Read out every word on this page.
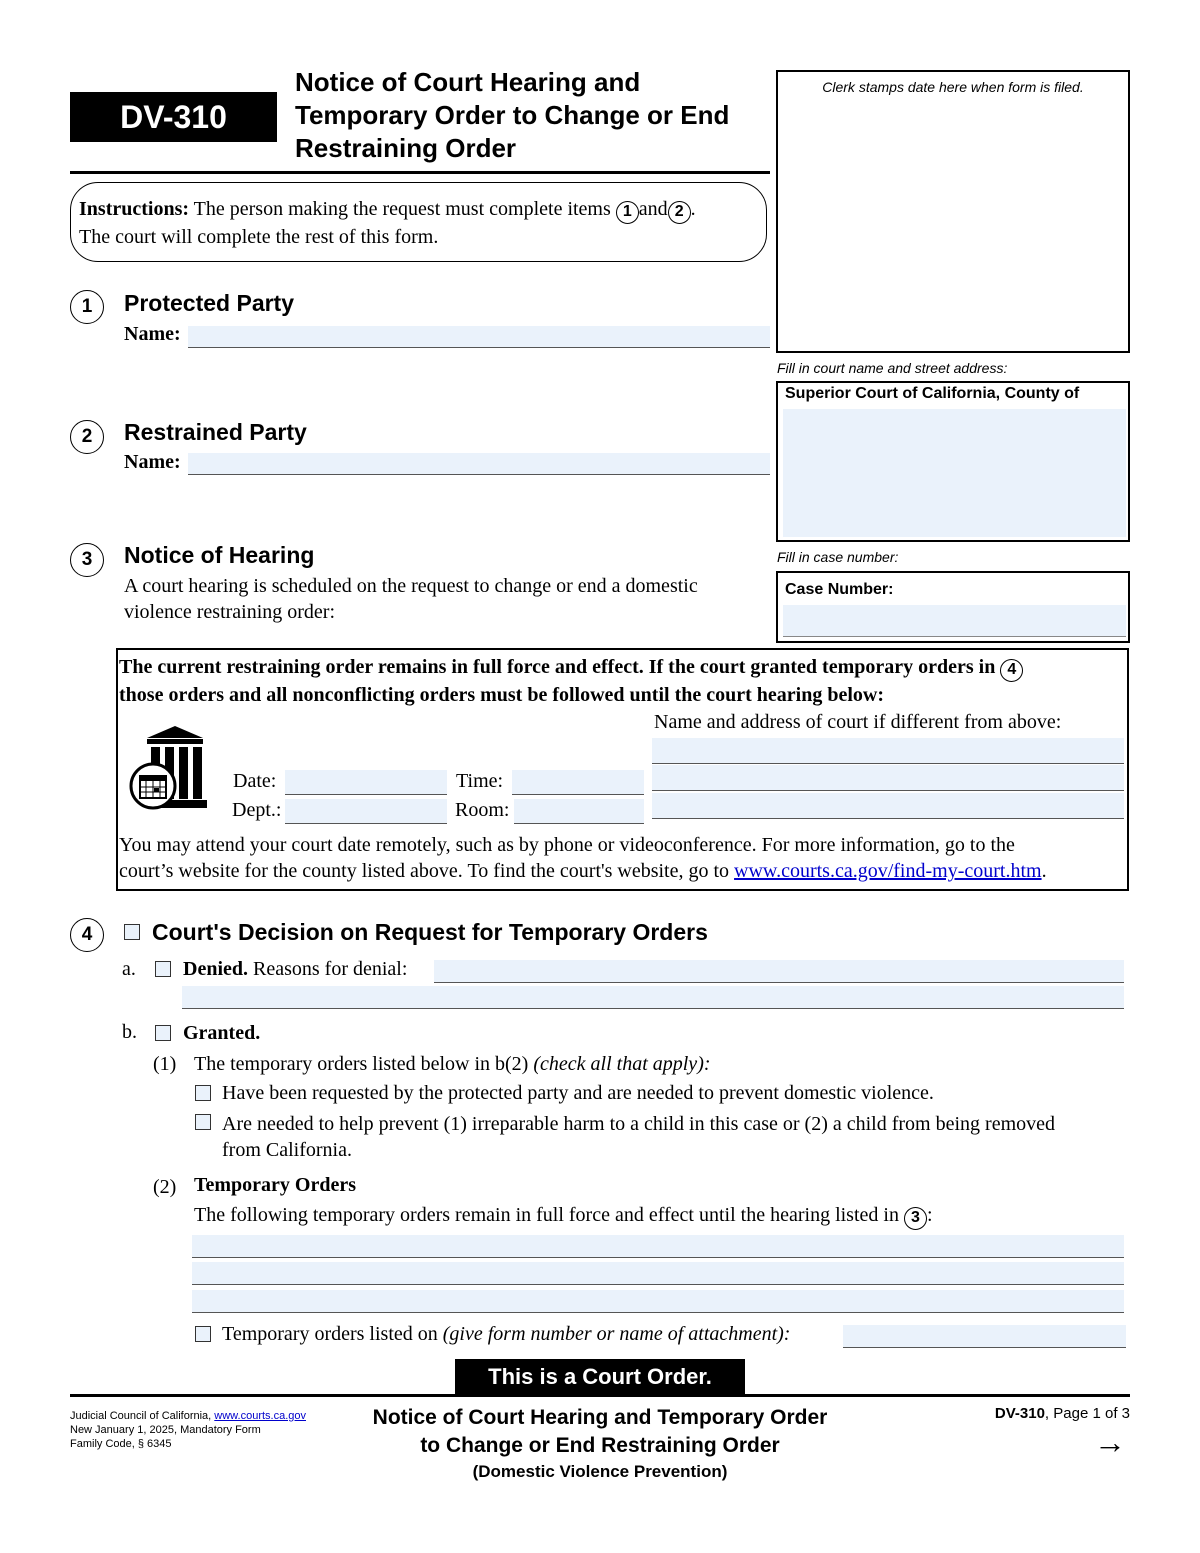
DV-310
Notice of Court Hearing and
Temporary Order to Change or End
Restraining Order
Clerk stamps date here when form is filed.
Fill in court name and street address:
Superior Court of California, County of
Fill in case number:
Case Number:
Instructions: The person making the request must complete items 1 and 2 .
The court will complete the rest of this form.
1	Protected Party
Name:
2	Restrained Party
Name:
3	Notice of Hearing
A court hearing is scheduled on the request to change or end a domestic
violence restraining order:
The current restraining order remains in full force and effect. If the court granted temporary orders in 4
those orders and all nonconflicting orders must be followed until the court hearing below:
Name and address of court if different from above:
Date:	Time:
Dept.:	Room:
You may attend your court date remotely, such as by phone or videoconference. For more information, go to the
court’s website for the county listed above. To find the court's website, go to www.courts.ca.gov/find-my-court.htm.
4	Court's Decision on Request for Temporary Orders
a. Denied. Reasons for denial:
b. Granted.
(1) The temporary orders listed below in b(2) (check all that apply):
Have been requested by the protected party and are needed to prevent domestic violence.
Are needed to help prevent (1) irreparable harm to a child in this case or (2) a child from being removed
from California.
(2) Temporary Orders
The following temporary orders remain in full force and effect until the hearing listed in 3 :
Temporary orders listed on (give form number or name of attachment):
This is a Court Order.
Judicial Council of California, www.courts.ca.gov
New January 1, 2025, Mandatory Form
Family Code, § 6345
Notice of Court Hearing and Temporary Order
to Change or End Restraining Order
(Domestic Violence Prevention)
DV-310, Page 1 of 3
→
